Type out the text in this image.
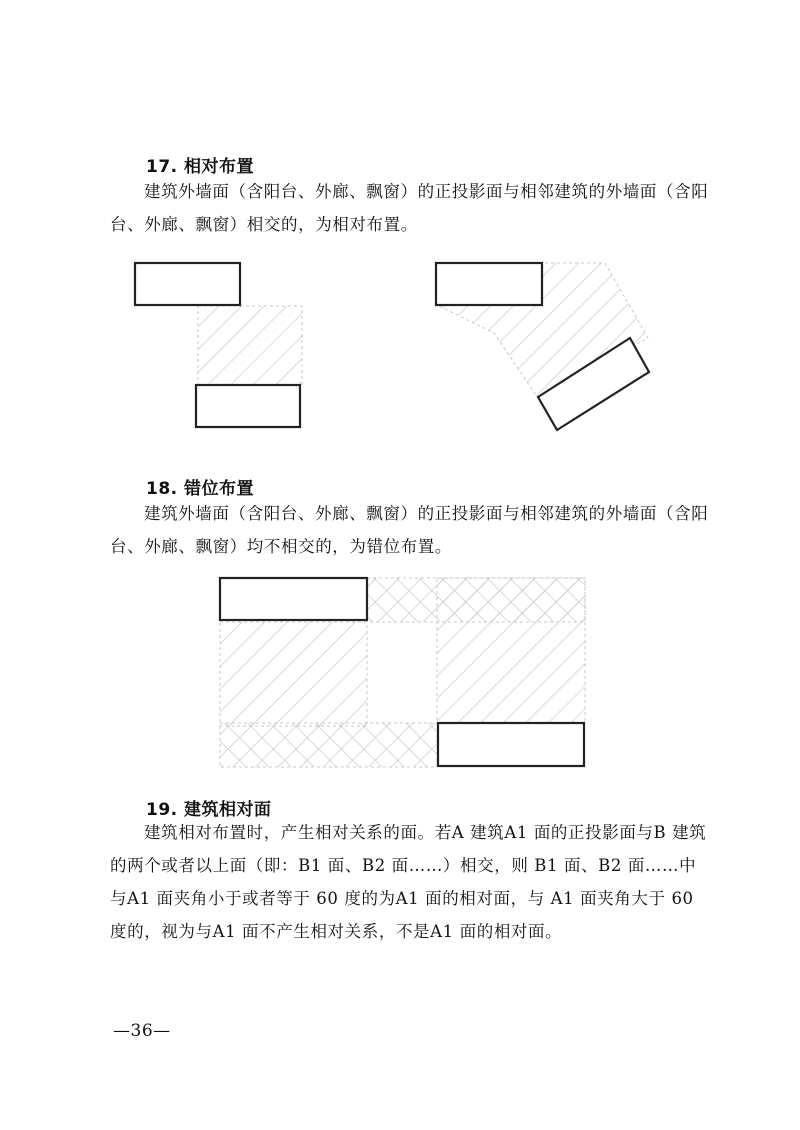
17. 相对布置

建筑外墙面（含阳台、外廊、飘窗）的正投影面与相邻建筑的外墙面（含阳台、外廊、飘窗）相交的，为相对布置。

18. 错位布置

建筑外墙面（含阳台、外廊、飘窗）的正投影面与相邻建筑的外墙面（含阳台、外廊、飘窗）均不相交的，为错位布置。

19. 建筑相对面

建筑相对布置时，产生相对关系的面。若A 建筑A1 面的正投影面与B 建筑的两个或者以上面（即：B1 面、B2 面……）相交，则 B1 面、B2 面……中与A1 面夹角小于或者等于 60 度的为A1 面的相对面，与 A1 面夹角大于 60 度的，视为与A1 面不产生相对关系，不是A1 面的相对面。

—36—
